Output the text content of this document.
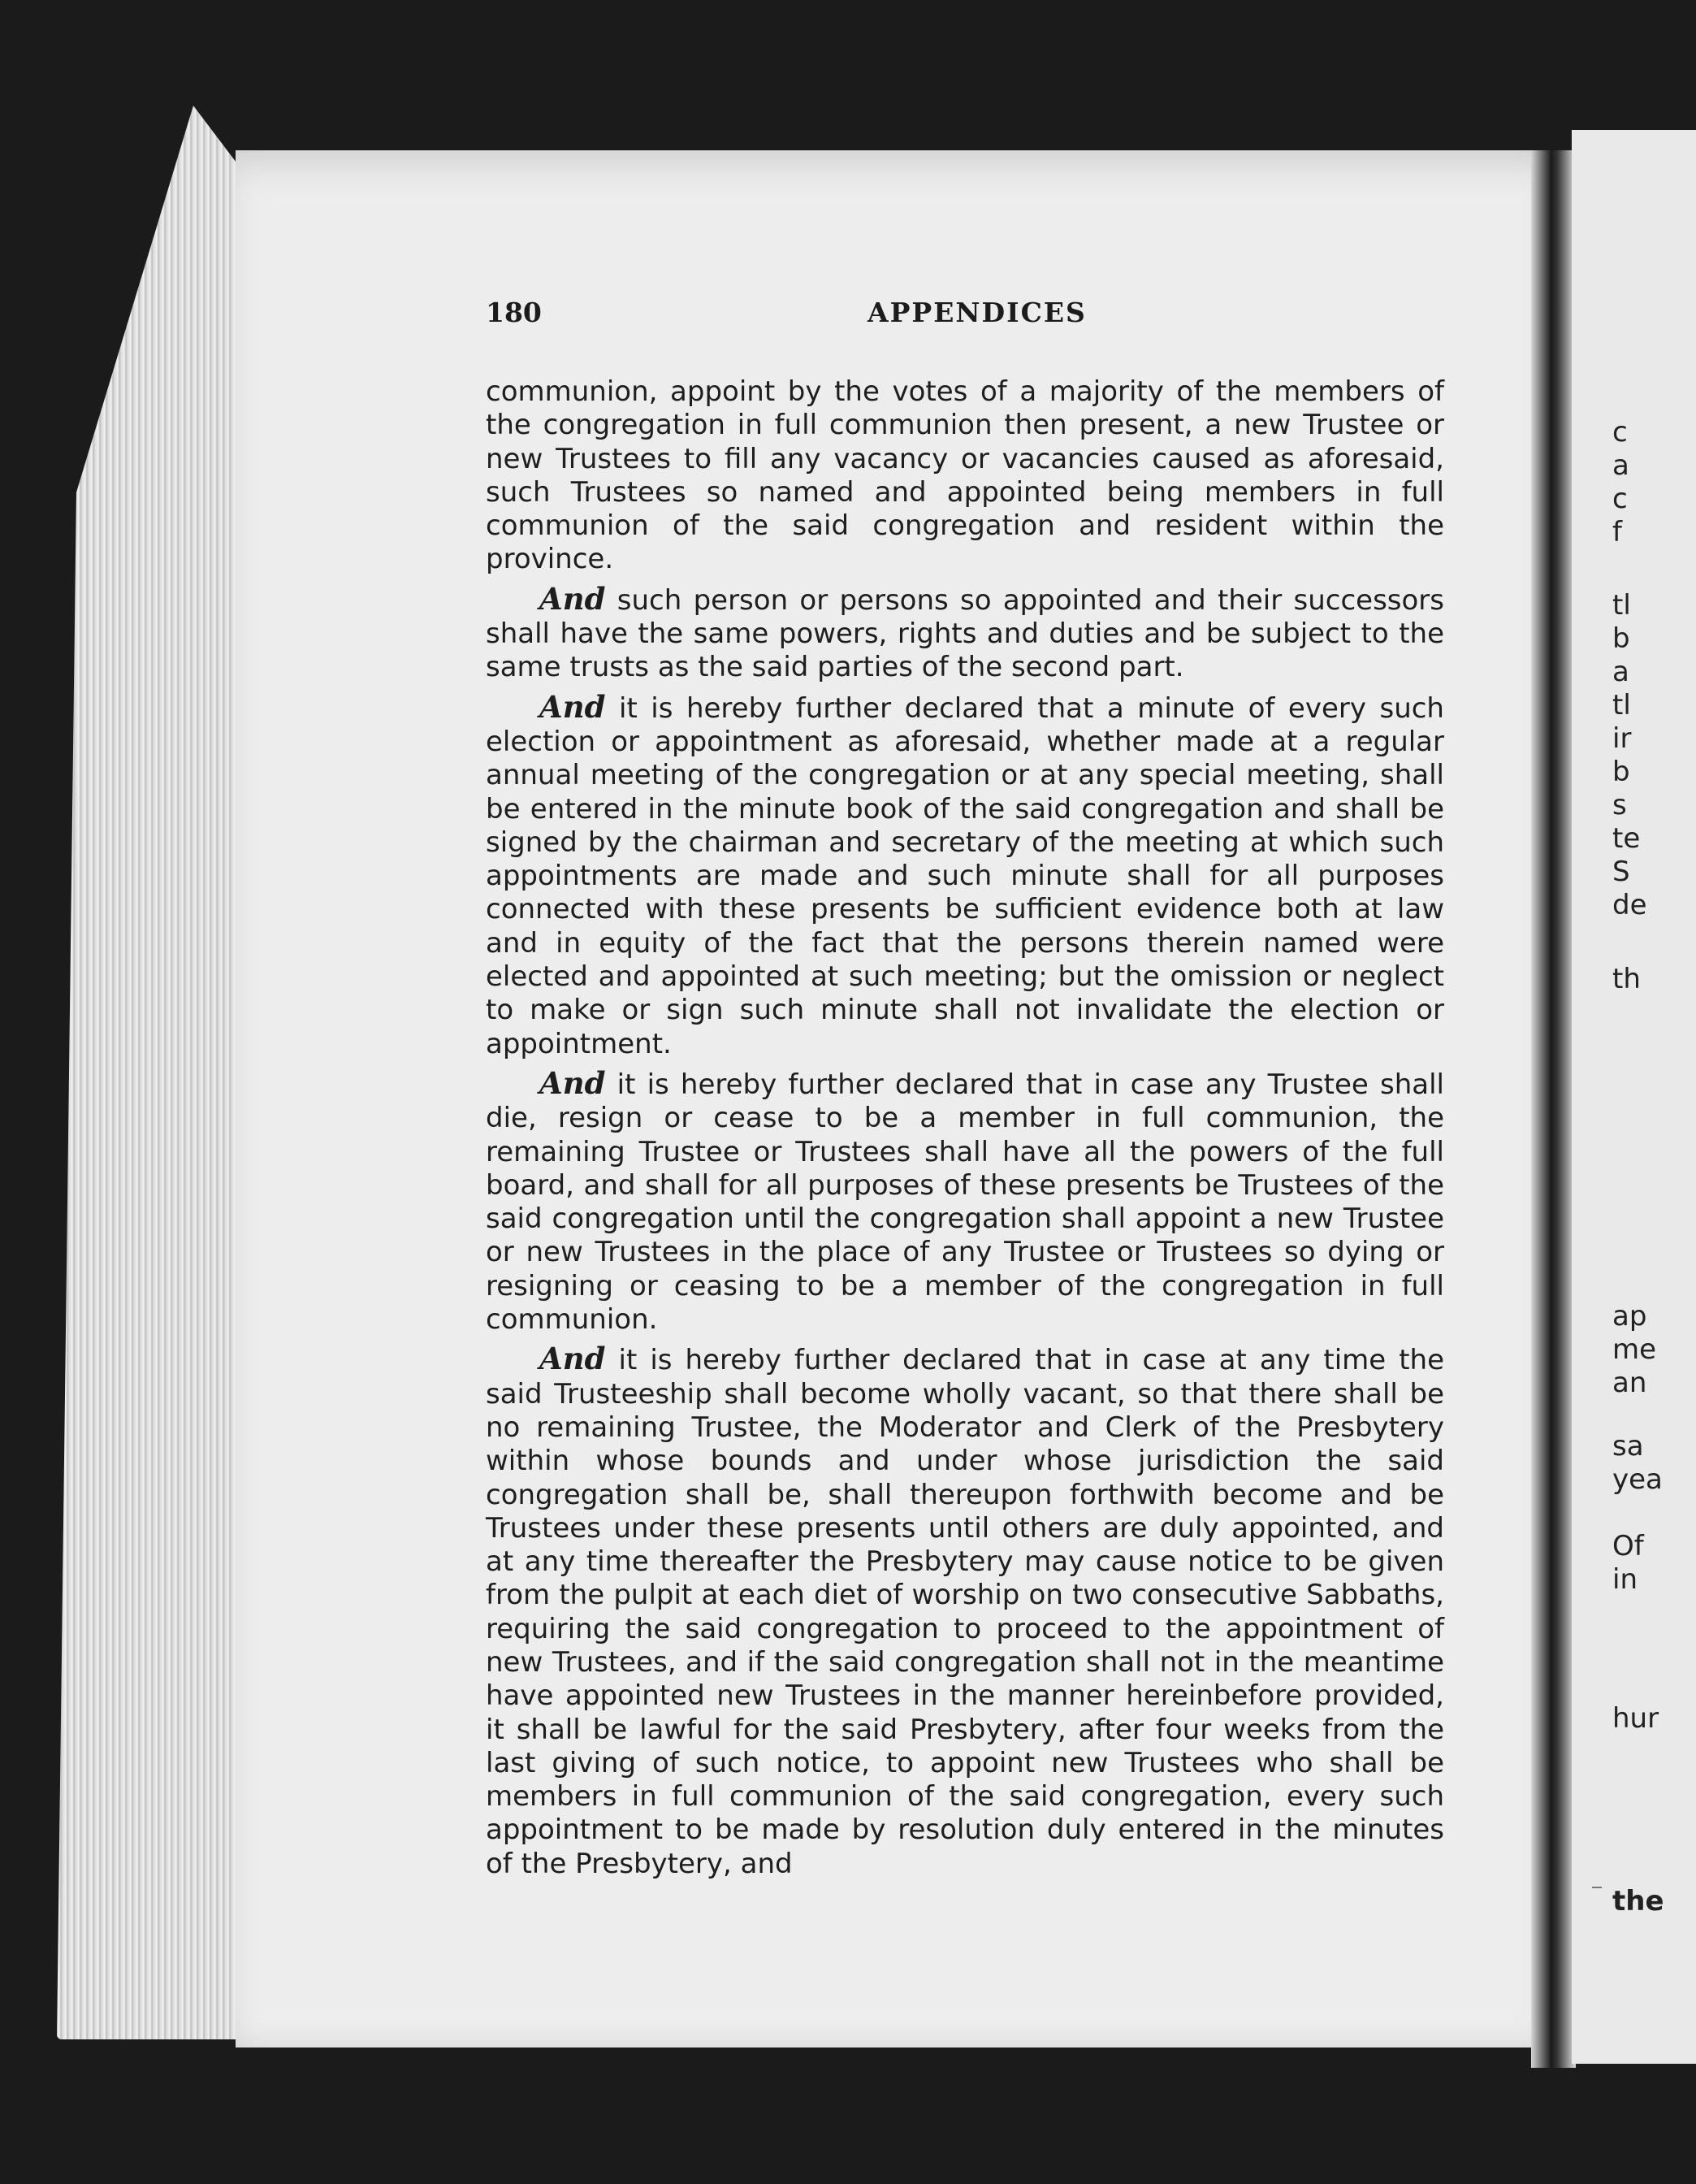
c
a
c
f
tl
b
a
tl
ir
b
s
te
S
de
th
ap
me
an
sa
yea
Of
in
hur
the
180	APPENDICES

communion, appoint by the votes of a majority of the members of the congregation in full communion then present, a new Trustee or new Trustees to fill any vacancy or vacancies caused as aforesaid, such Trustees so named and appointed being members in full communion of the said congregation and resident within the province.

And such person or persons so appointed and their successors shall have the same powers, rights and duties and be subject to the same trusts as the said parties of the second part.

And it is hereby further declared that a minute of every such election or appointment as aforesaid, whether made at a regular annual meeting of the congregation or at any special meeting, shall be entered in the minute book of the said congregation and shall be signed by the chairman and secretary of the meeting at which such appointments are made and such minute shall for all purposes connected with these presents be sufficient evidence both at law and in equity of the fact that the persons therein named were elected and appointed at such meeting; but the omission or neglect to make or sign such minute shall not invalidate the election or appointment.

And it is hereby further declared that in case any Trustee shall die, resign or cease to be a member in full communion, the remaining Trustee or Trustees shall have all the powers of the full board, and shall for all purposes of these presents be Trustees of the said congregation until the congregation shall appoint a new Trustee or new Trustees in the place of any Trustee or Trustees so dying or resigning or ceasing to be a member of the congregation in full communion.

And it is hereby further declared that in case at any time the said Trusteeship shall become wholly vacant, so that there shall be no remaining Trustee, the Moderator and Clerk of the Presbytery within whose bounds and under whose jurisdiction the said congregation shall be, shall thereupon forthwith become and be Trustees under these presents until others are duly appointed, and at any time thereafter the Presbytery may cause notice to be given from the pulpit at each diet of worship on two consecutive Sabbaths, requiring the said congregation to proceed to the appointment of new Trustees, and if the said congregation shall not in the meantime have appointed new Trustees in the manner hereinbefore provided, it shall be lawful for the said Presbytery, after four weeks from the last giving of such notice, to appoint new Trustees who shall be members in full communion of the said congregation, every such appointment to be made by resolution duly entered in the minutes of the Presbytery, and
